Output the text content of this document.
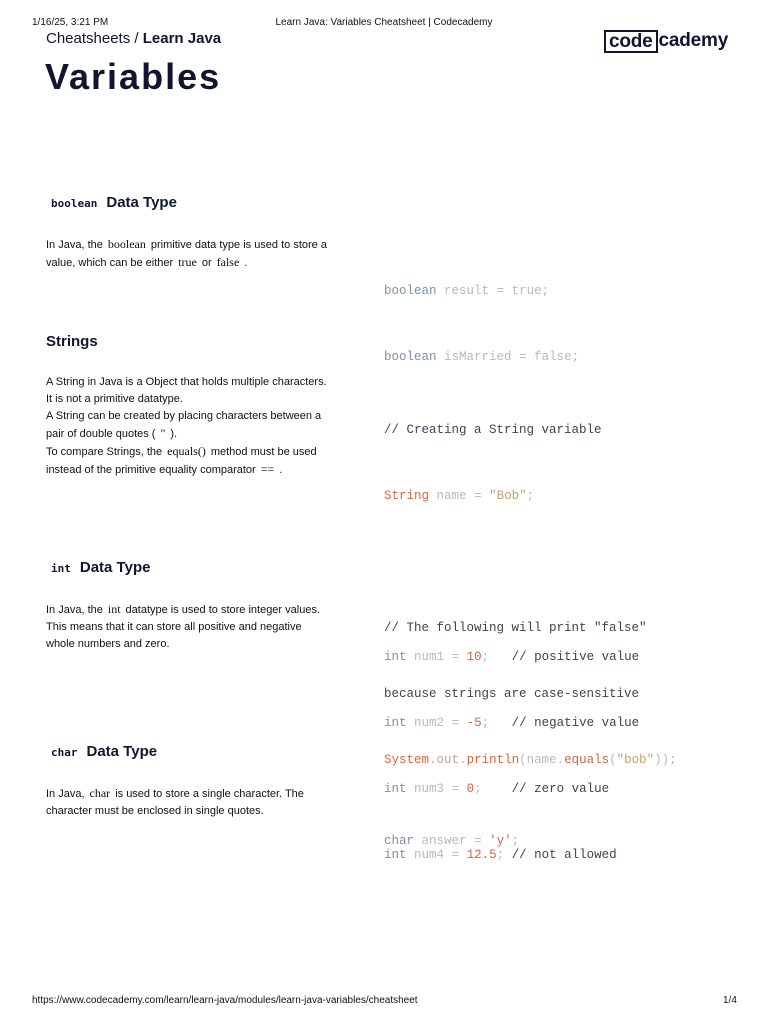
1/16/25, 3:21 PM	Learn Java: Variables Cheatsheet | Codecademy
Cheatsheets / Learn Java	code cademy
Variables
boolean Data Type

In Java, the boolean primitive data type is used to store a value, which can be either true or false .

boolean result = true;

boolean isMarried = false;

Strings

A String in Java is a Object that holds multiple characters. It is not a primitive datatype.

A String can be created by placing characters between a pair of double quotes ( " ).

To compare Strings, the equals() method must be used instead of the primitive equality comparator == .

// Creating a String variable

String name = "Bob";

// The following will print "false"

because strings are case-sensitive

System.out.println(name.equals("bob"));

int Data Type

In Java, the int datatype is used to store integer values. This means that it can store all positive and negative whole numbers and zero.

int num1 = 10; // positive value

int num2 = -5; // negative value

int num3 = 0; // zero value

int num4 = 12.5; // not allowed

char Data Type

In Java, char is used to store a single character. The character must be enclosed in single quotes.

char answer = 'y';

https://www.codecademy.com/learn/learn-java/modules/learn-java-variables/cheatsheet	1/4
